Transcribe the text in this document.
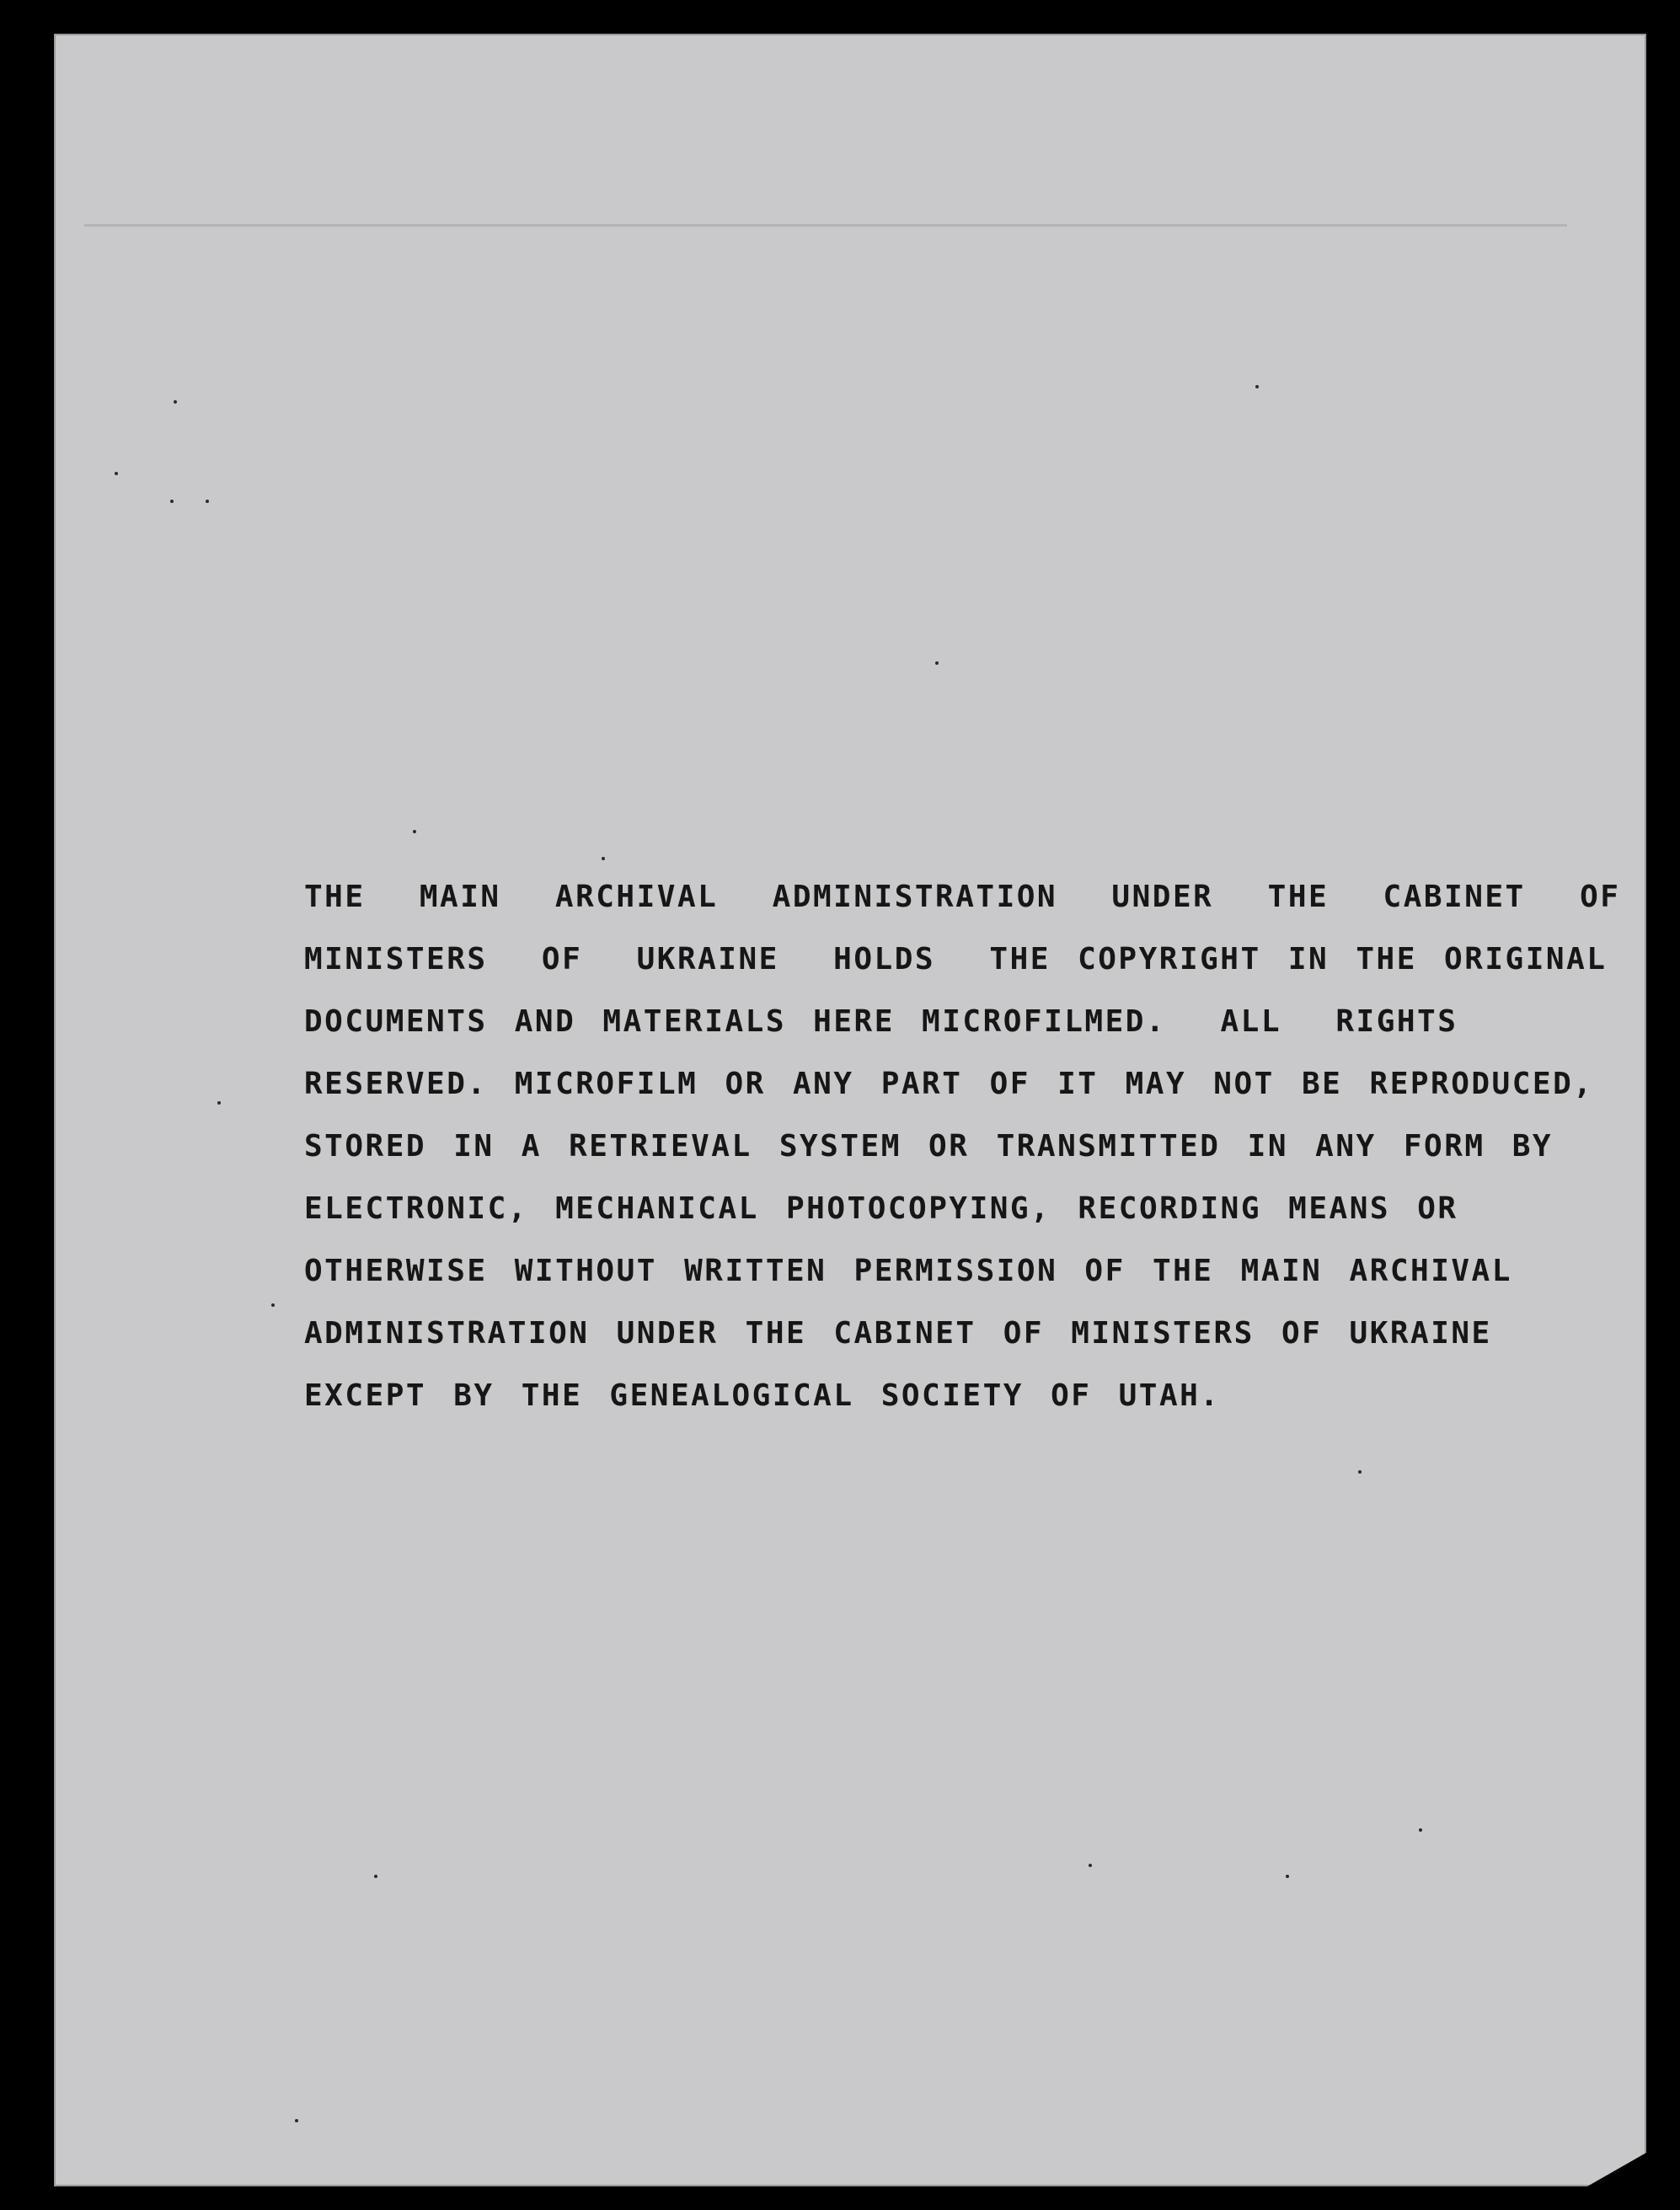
THE  MAIN  ARCHIVAL  ADMINISTRATION  UNDER  THE  CABINET  OF
MINISTERS  OF  UKRAINE  HOLDS  THE COPYRIGHT IN THE ORIGINAL
DOCUMENTS AND MATERIALS HERE MICROFILMED.  ALL  RIGHTS
RESERVED. MICROFILM OR ANY PART OF IT MAY NOT BE REPRODUCED,
STORED IN A RETRIEVAL SYSTEM OR TRANSMITTED IN ANY FORM BY
ELECTRONIC, MECHANICAL PHOTOCOPYING, RECORDING MEANS OR
OTHERWISE WITHOUT WRITTEN PERMISSION OF THE MAIN ARCHIVAL
ADMINISTRATION UNDER THE CABINET OF MINISTERS OF UKRAINE
EXCEPT BY THE GENEALOGICAL SOCIETY OF UTAH.
